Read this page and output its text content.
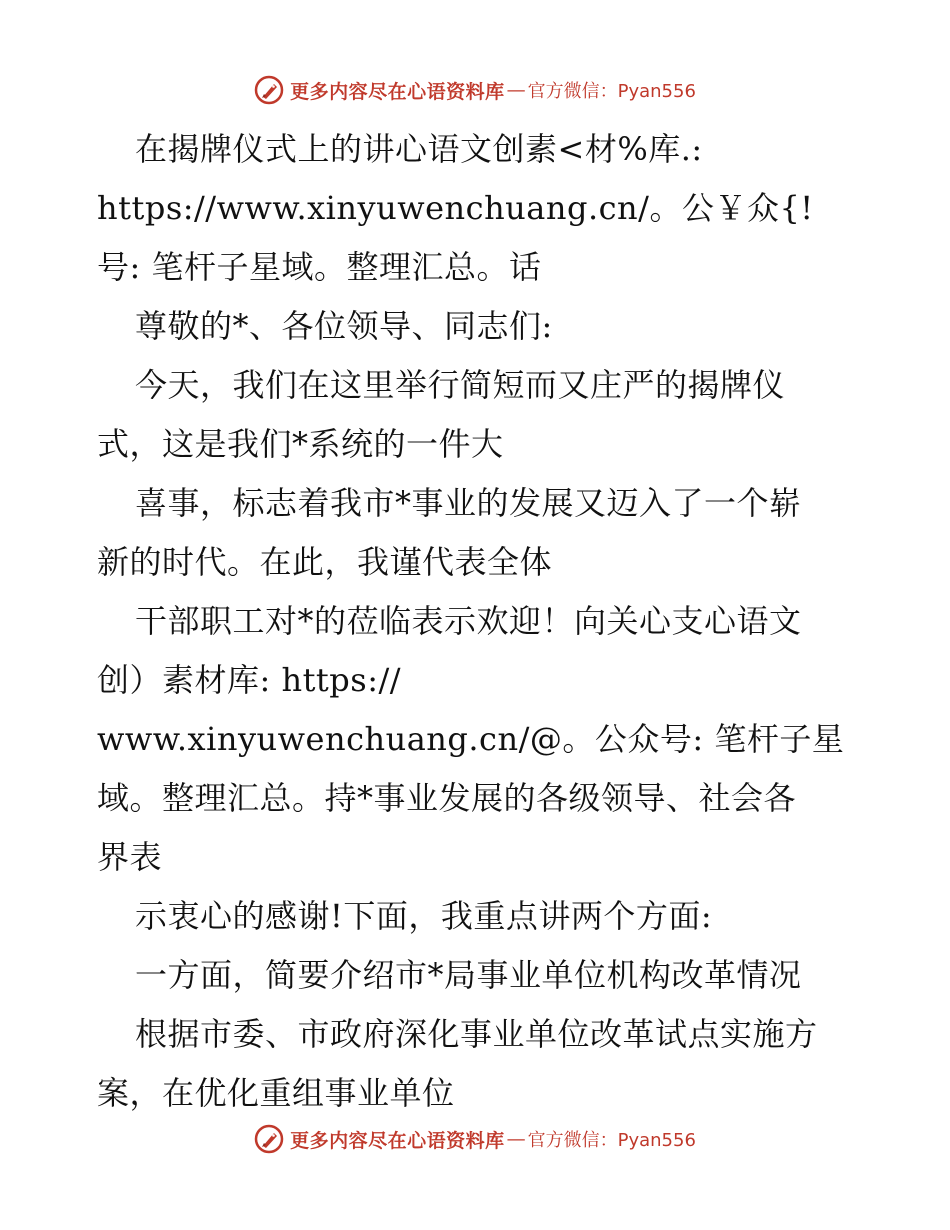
更多内容尽在心语资料库 — 官方微信：Pyan556
在揭牌仪式上的讲心语文创素<材%库.:
https://www.xinyuwenchuang.cn/。公￥众{!
号: 笔杆子星域。整理汇总。话
尊敬的*、各位领导、同志们:
今天，我们在这里举行简短而又庄严的揭牌仪
式，这是我们*系统的一件大
喜事，标志着我市*事业的发展又迈入了一个崭
新的时代。在此，我谨代表全体
干部职工对*的莅临表示欢迎！向关心支心语文
创）素材库: https://
www.xinyuwenchuang.cn/@。公众号: 笔杆子星
域。整理汇总。持*事业发展的各级领导、社会各
界表
示衷心的感谢!下面，我重点讲两个方面:
一方面，简要介绍市*局事业单位机构改革情况
根据市委、市政府深化事业单位改革试点实施方
案，在优化重组事业单位
更多内容尽在心语资料库 — 官方微信：Pyan556
